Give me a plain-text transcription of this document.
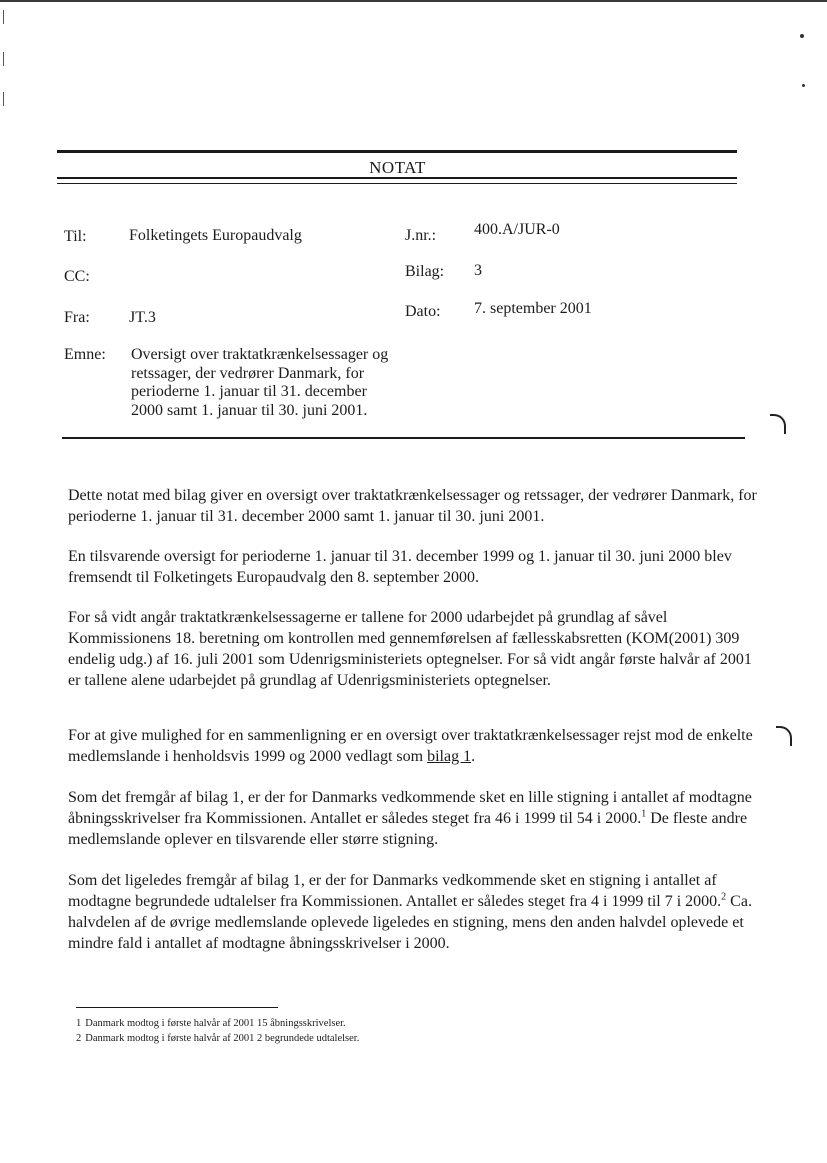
NOTAT
Til:	Folketingets Europaudvalg
CC:
Fra: JT.3
Emne: Oversigt over traktatkrænkelsessager og retssager, der vedrører Danmark, for perioderne 1. januar til 31. december 2000 samt 1. januar til 30. juni 2001.
J.nr.: 400.A/JUR-0
Bilag: 3
Dato: 7. september 2001
Dette notat med bilag giver en oversigt over traktatkrænkelsessager og retssager, der vedrører Danmark, for perioderne 1. januar til 31. december 2000 samt 1. januar til 30. juni 2001.
En tilsvarende oversigt for perioderne 1. januar til 31. december 1999 og 1. januar til 30. juni 2000 blev fremsendt til Folketingets Europaudvalg den 8. september 2000.
For så vidt angår traktatkrænkelsessagerne er tallene for 2000 udarbejdet på grundlag af såvel Kommissionens 18. beretning om kontrollen med gennemførelsen af fællesskabsretten (KOM(2001) 309 endelig udg.) af 16. juli 2001 som Udenrigsministeriets optegnelser. For så vidt angår første halvår af 2001 er tallene alene udarbejdet på grundlag af Udenrigsministeriets optegnelser.
For at give mulighed for en sammenligning er en oversigt over traktatkrænkelsessager rejst mod de enkelte medlemslande i henholdsvis 1999 og 2000 vedlagt som bilag 1.
Som det fremgår af bilag 1, er der for Danmarks vedkommende sket en lille stigning i antallet af modtagne åbningsskrivelser fra Kommissionen. Antallet er således steget fra 46 i 1999 til 54 i 2000.$^1$ De fleste andre medlemslande oplever en tilsvarende eller større stigning.
Som det ligeledes fremgår af bilag 1, er der for Danmarks vedkommende sket en stigning i antallet af modtagne begrundede udtalelser fra Kommissionen. Antallet er således steget fra 4 i 1999 til 7 i 2000.$^2$ Ca. halvdelen af de øvrige medlemslande oplevede ligeledes en stigning, mens den anden halvdel oplevede et mindre fald i antallet af modtagne åbningsskrivelser i 2000.
1 Danmark modtog i første halvår af 2001 15 åbningsskrivelser.
2 Danmark modtog i første halvår af 2001 2 begrundede udtalelser.
